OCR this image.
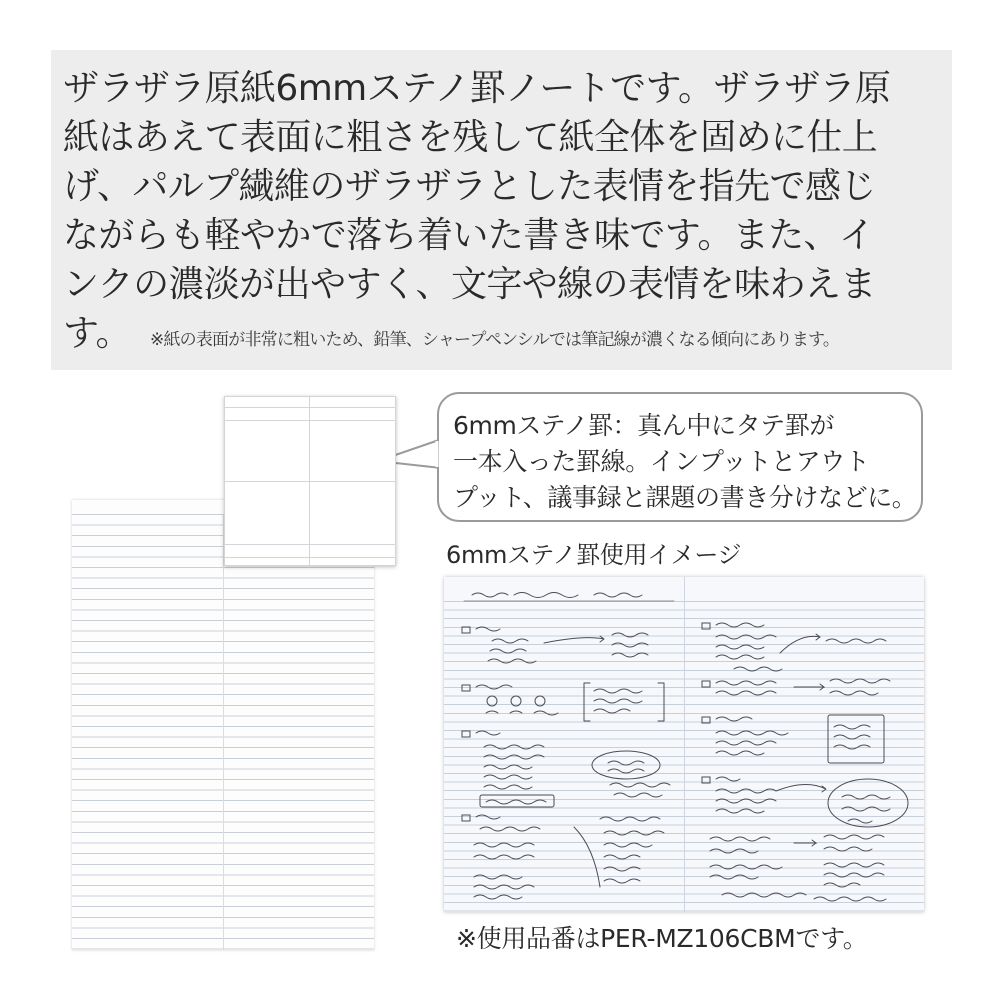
ザラザラ原紙6mmステノ罫ノートです。ザラザラ原
紙はあえて表面に粗さを残して紙全体を固めに仕上
げ、パルプ繊維のザラザラとした表情を指先で感じ
ながらも軽やかで落ち着いた書き味です。また、イ
ンクの濃淡が出やすく、文字や線の表情を味わえま
す。 ※紙の表面が非常に粗いため、鉛筆、シャープペンシルでは筆記線が濃くなる傾向にあります。
6mmステノ罫：真ん中にタテ罫が
一本入った罫線。インプットとアウト
プット、議事録と課題の書き分けなどに。
6mmステノ罫使用イメージ
※使用品番はPER-MZ106CBMです。
